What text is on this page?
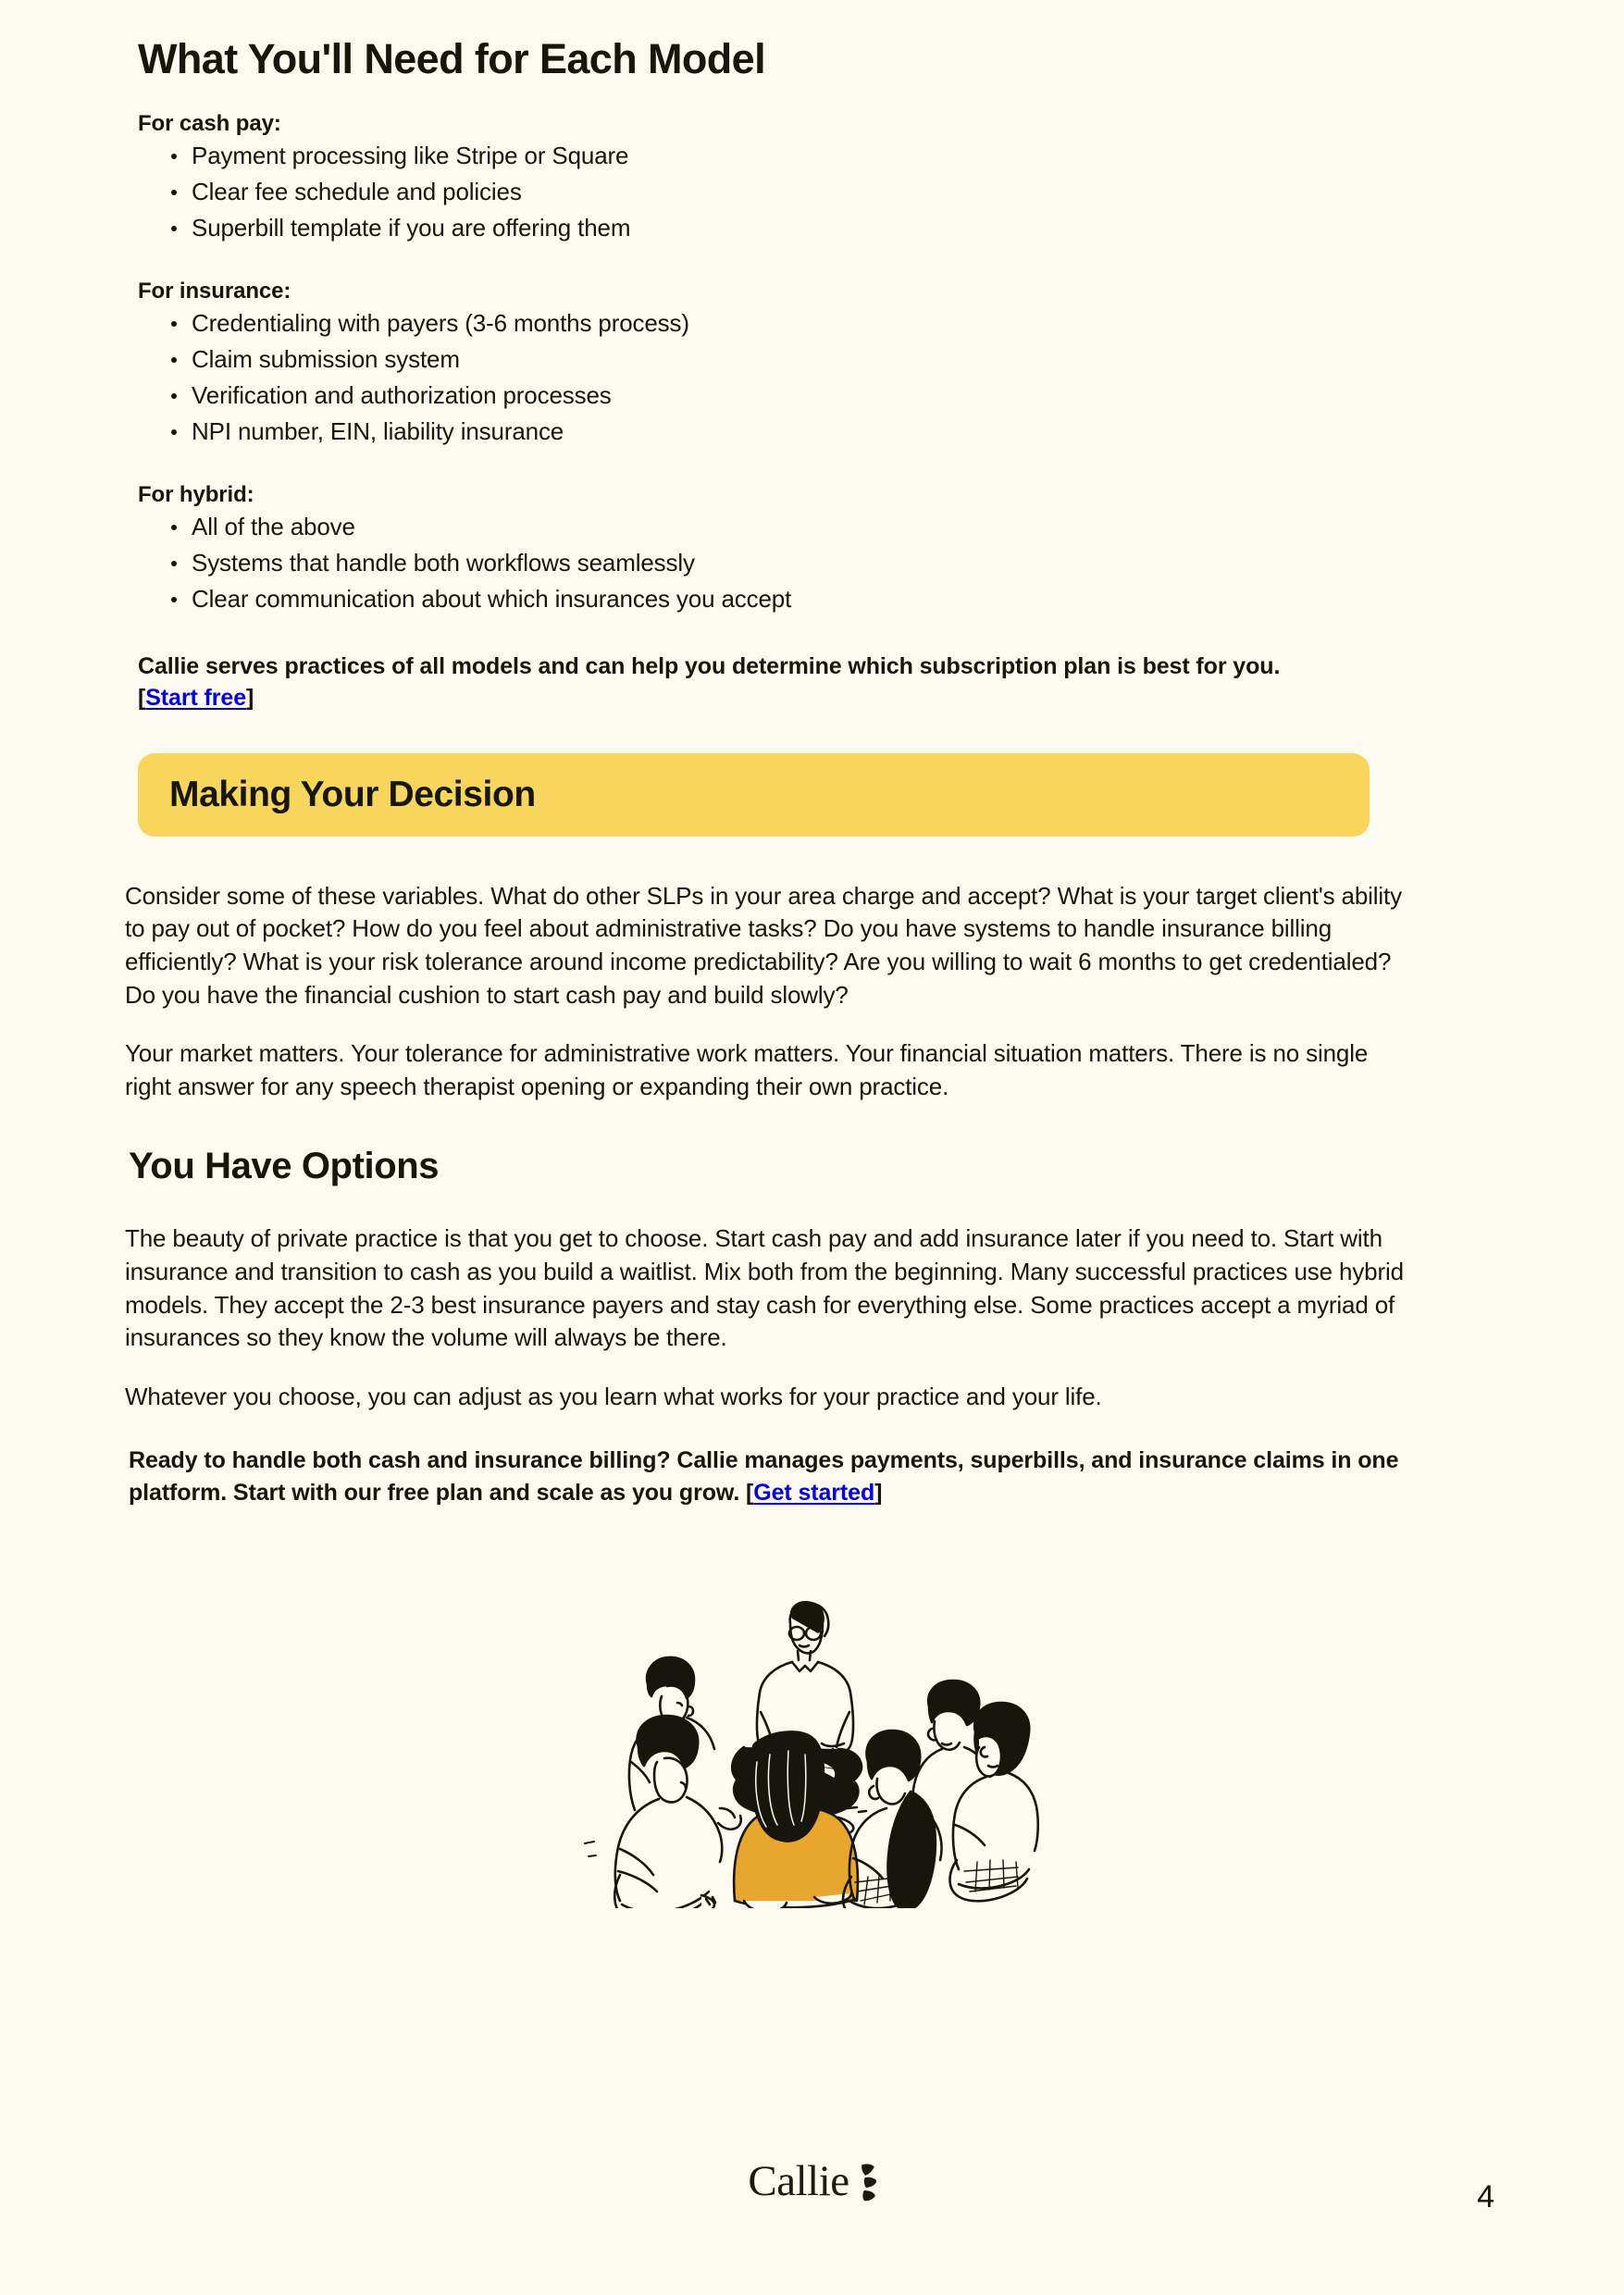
What You'll Need for Each Model

For cash pay:

Payment processing like Stripe or Square
Clear fee schedule and policies
Superbill template if you are offering them

For insurance:

Credentialing with payers (3-6 months process)
Claim submission system
Verification and authorization processes
NPI number, EIN, liability insurance

For hybrid:

All of the above
Systems that handle both workflows seamlessly
Clear communication about which insurances you accept

Callie serves practices of all models and can help you determine which subscription plan is best for you. [Start free]

Making Your Decision

Consider some of these variables. What do other SLPs in your area charge and accept? What is your target client's ability to pay out of pocket? How do you feel about administrative tasks? Do you have systems to handle insurance billing efficiently? What is your risk tolerance around income predictability? Are you willing to wait 6 months to get credentialed? Do you have the financial cushion to start cash pay and build slowly?

Your market matters. Your tolerance for administrative work matters. Your financial situation matters. There is no single right answer for any speech therapist opening or expanding their own practice.

You Have Options

The beauty of private practice is that you get to choose. Start cash pay and add insurance later if you need to. Start with insurance and transition to cash as you build a waitlist. Mix both from the beginning. Many successful practices use hybrid models. They accept the 2-3 best insurance payers and stay cash for everything else. Some practices accept a myriad of insurances so they know the volume will always be there.

Whatever you choose, you can adjust as you learn what works for your practice and your life.

Ready to handle both cash and insurance billing? Callie manages payments, superbills, and insurance claims in one platform. Start with our free plan and scale as you grow. [Get started]

Callie	4
